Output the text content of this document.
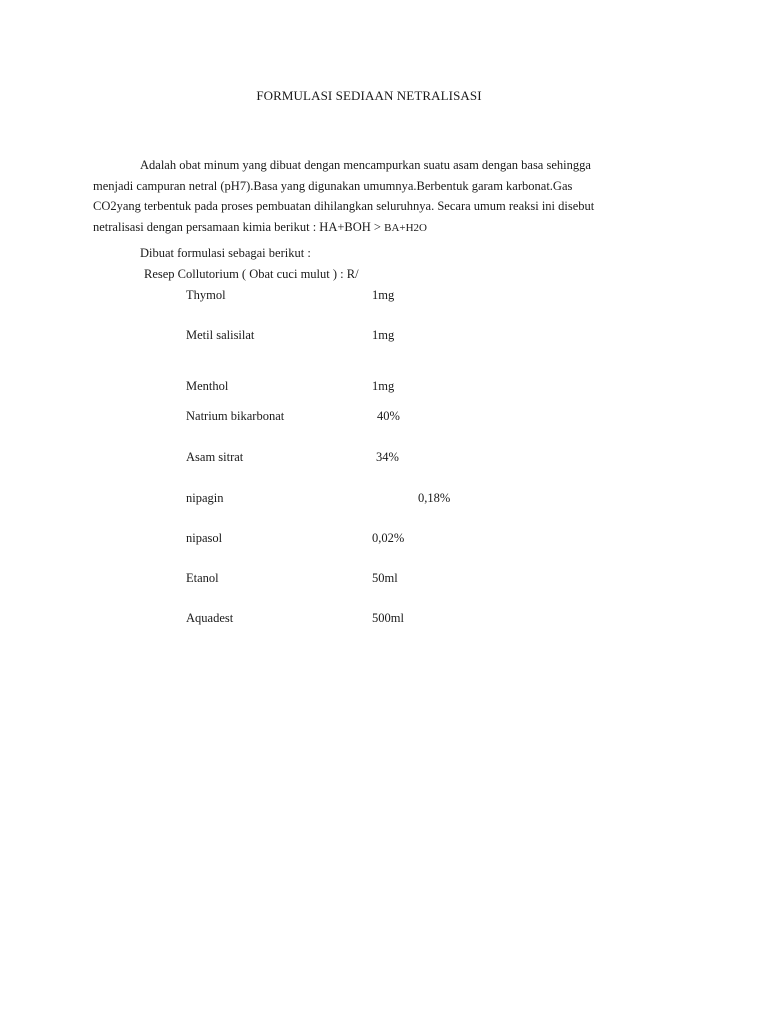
FORMULASI SEDIAAN NETRALISASI
Adalah obat minum yang dibuat dengan mencampurkan suatu asam dengan basa sehingga
menjadi campuran netral (pH7).Basa yang digunakan umumnya.Berbentuk garam karbonat.Gas
CO2yang terbentuk pada proses pembuatan dihilangkan seluruhnya. Secara umum reaksi ini disebut
netralisasi dengan persamaan kimia berikut : HA+BOH > BA+H2O
Dibuat formulasi sebagai berikut :
Resep Collutorium ( Obat cuci mulut ) : R/
Thymol	1mg
Metil salisilat	1mg
Menthol	1mg
Natrium bikarbonat	40%
Asam sitrat	34%
nipagin	0,18%
nipasol	0,02%
Etanol	50ml
Aquadest	500ml
